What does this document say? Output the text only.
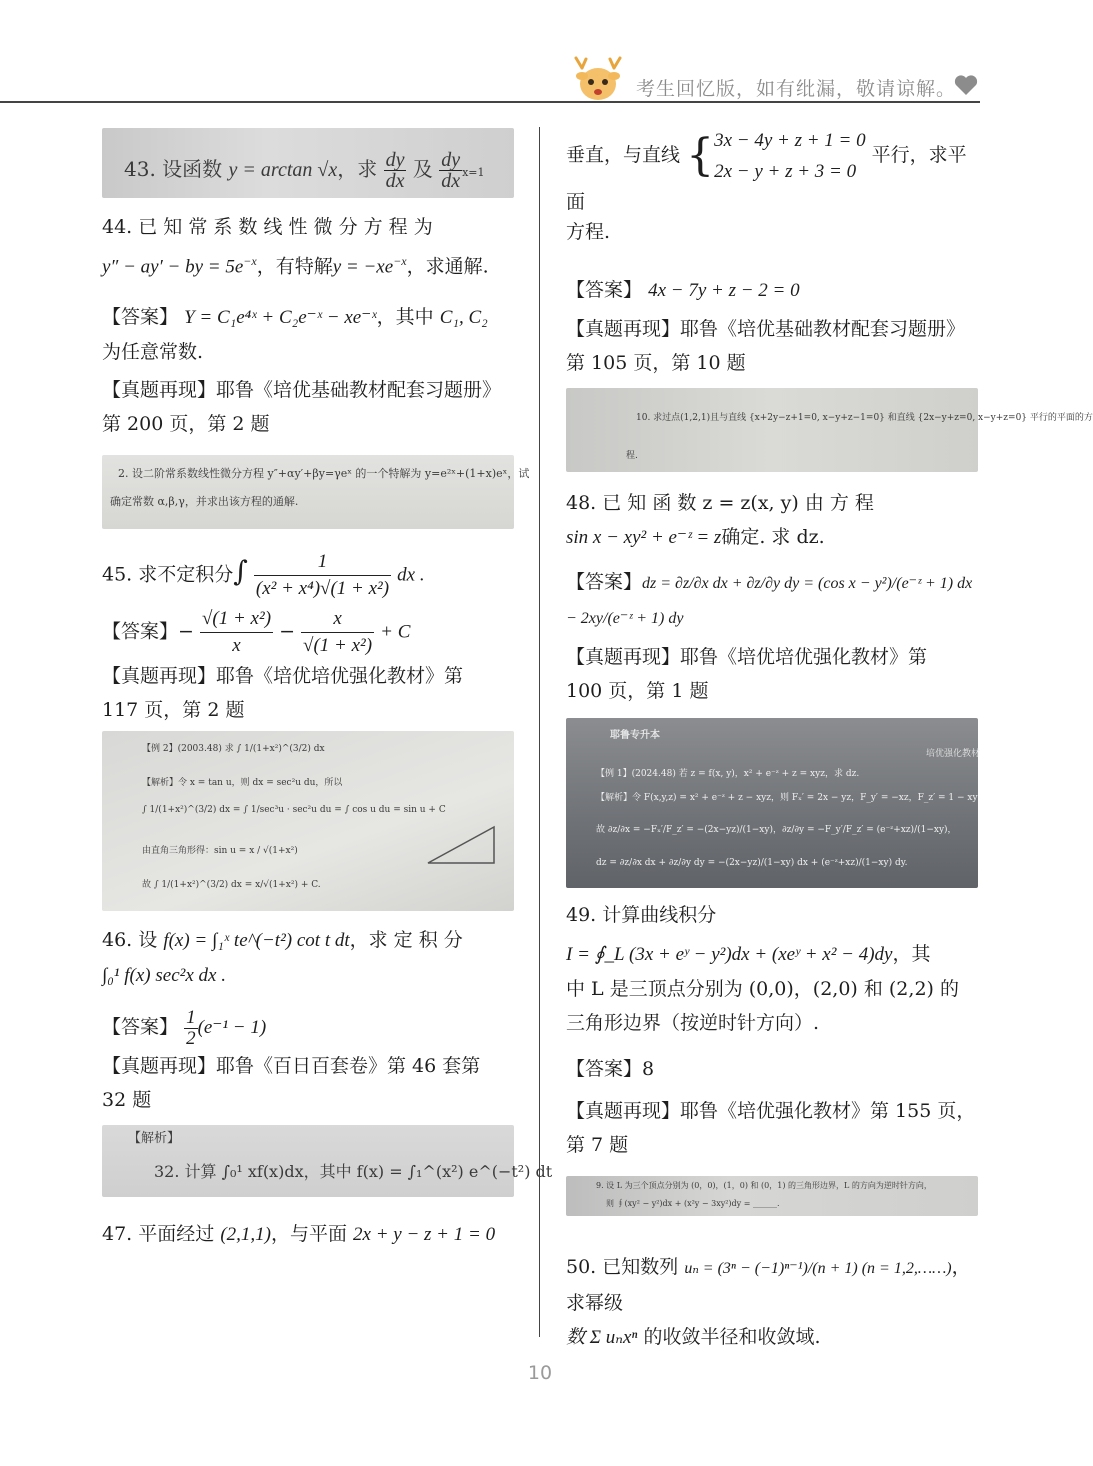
考生回忆版，如有纰漏，敬请谅解。
43. 设函数 y = arctan √x，求 $\frac{dy}{dx}$ 及 $\frac{dy}{dx} x=1$

44. 已 知 常 系 数 线 性 微 分 方 程 为
y″ − ay′ − by = $5e^{-x}$，有特解$y = -xe^{-x}$，求通解.

【答案】 Y = C₁e⁴ˣ + C₂e⁻ˣ − xe⁻ˣ，其中 C₁, C₂
为任意常数.

【真题再现】耶鲁《培优基础教材配套习题册》
第 200 页，第 2 题

2. 设二阶常系数线性微分方程 y″+αy′+βy=γeˣ 的一个特解为 y=e²ˣ+(1+x)eˣ，试
确定常数 α,β,γ，并求出该方程的通解.

45. 求不定积分∫ $\frac{1}{\text{(x² + x⁴)√(1 + x²)}}$ dx .

【答案】− $\frac{\text{√(1 + x²)}}{x} - \frac{x}{\text{√(1 + x²)}} + C$

【真题再现】耶鲁《培优培优强化教材》第
117 页，第 2 题

【例 2】(2003.48) 求 ∫ 1/(1+x²)^(3/2) dx
【解析】令 x = tan u，则 dx = sec²u du，所以
∫ 1/(1+x²)^(3/2) dx = ∫ 1/sec³u · sec²u du = ∫ cos u du = sin u + C
由直角三角形得：sin u = x / √(1+x²)
故 ∫ 1/(1+x²)^(3/2) dx = x/√(1+x²) + C.

46. 设 f(x) = ∫₁ˣ te^(−t²) cot t dt，求 定 积 分
∫₀¹ f(x) sec²x dx .

【答案】 $\frac{1}{2} (e^{-1} - 1)$

【真题再现】耶鲁《百日百套卷》第 46 套第
32 题

【解析】
32. 计算 ∫₀¹ xf(x)dx，其中 f(x) = ∫₁^(x²) e^(−t²) dt

47. 平面经过 (2,1,1)，与平面 2x + y − z + 1 = 0

垂直，与直线 {3x − 4y + z + 1 = 0
2x − y + z + 3 = 0 平行，求平面
方程.

【答案】 4x − 7y + z − 2 = 0

【真题再现】耶鲁《培优基础教材配套习题册》
第 105 页，第 10 题

10. 求过点(1,2,1)且与直线 {x+2y−z+1=0, x−y+z−1=0} 和直线 {2x−y+z=0, x−y+z=0} 平行的平面的方
程.

48. 已 知 函 数 z = z(x, y) 由 方 程
sin x − xy² + e⁻ᶻ = z确定. 求 dz.

【答案】dz = ∂z/∂x dx + ∂z/∂y dy = (cos x − y²)/(e⁻ᶻ + 1) dx − 2xy/(e⁻ᶻ + 1) dy

【真题再现】耶鲁《培优培优强化教材》第
100 页，第 1 题

耶鲁专升本
培优强化教材
【例 1】(2024.48) 若 z = f(x, y)，x² + e⁻ᶻ + z = xyz，求 dz.
【解析】令 F(x,y,z) = x² + e⁻ᶻ + z − xyz，则 Fₓ′ = 2x − yz，F_y′ = −xz，F_z′ = 1 − xy
故 ∂z/∂x = −Fₓ′/F_z′ = −(2x−yz)/(1−xy)，∂z/∂y = −F_y′/F_z′ = (e⁻ᶻ+xz)/(1−xy)，
dz = ∂z/∂x dx + ∂z/∂y dy = −(2x−yz)/(1−xy) dx + (e⁻ᶻ+xz)/(1−xy) dy.

49. 计算曲线积分
I = ∮_L (3x + eʸ − y²)dx + (xeʸ + x² − 4)dy，其
中 L 是三顶点分别为 (0,0)，(2,0) 和 (2,2) 的
三角形边界（按逆时针方向）.

【答案】8

【真题再现】耶鲁《培优强化教材》第 155 页，
第 7 题

9. 设 L 为三个顶点分别为 (0，0)，(1，0) 和 (0，1) 的三角形边界，L 的方向为逆时针方向，
则 ∮(xy² − y²)dx + (x²y − 3xy²)dy = ______.

50. 已知数列 uₙ = (3ⁿ − (−1)ⁿ⁻¹)/(n + 1) (n = 1,2,……)，求幂级
数 Σ uₙxⁿ 的收敛半径和收敛域.

10
